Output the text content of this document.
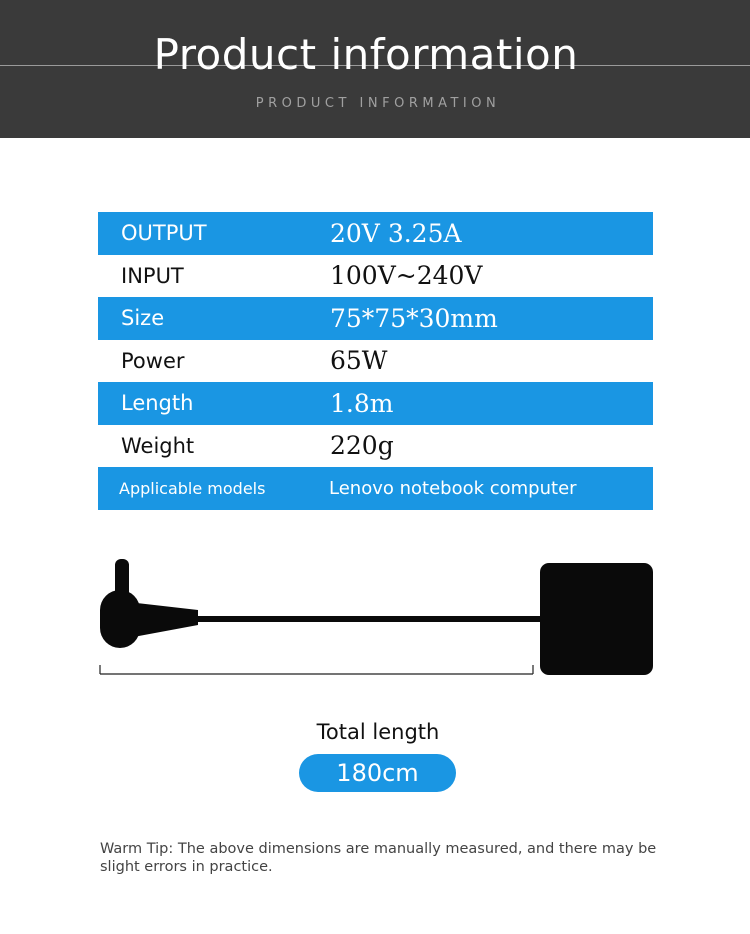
Product information
PRODUCT INFORMATION
OUTPUT	20V 3.25A
INPUT	100V~240V
Size	75*75*30mm
Power	65W
Length	1.8m
Weight	220g
Applicable models	Lenovo notebook computer
Total length
180cm
Warm Tip: The above dimensions are manually measured, and there may be slight errors in practice.
